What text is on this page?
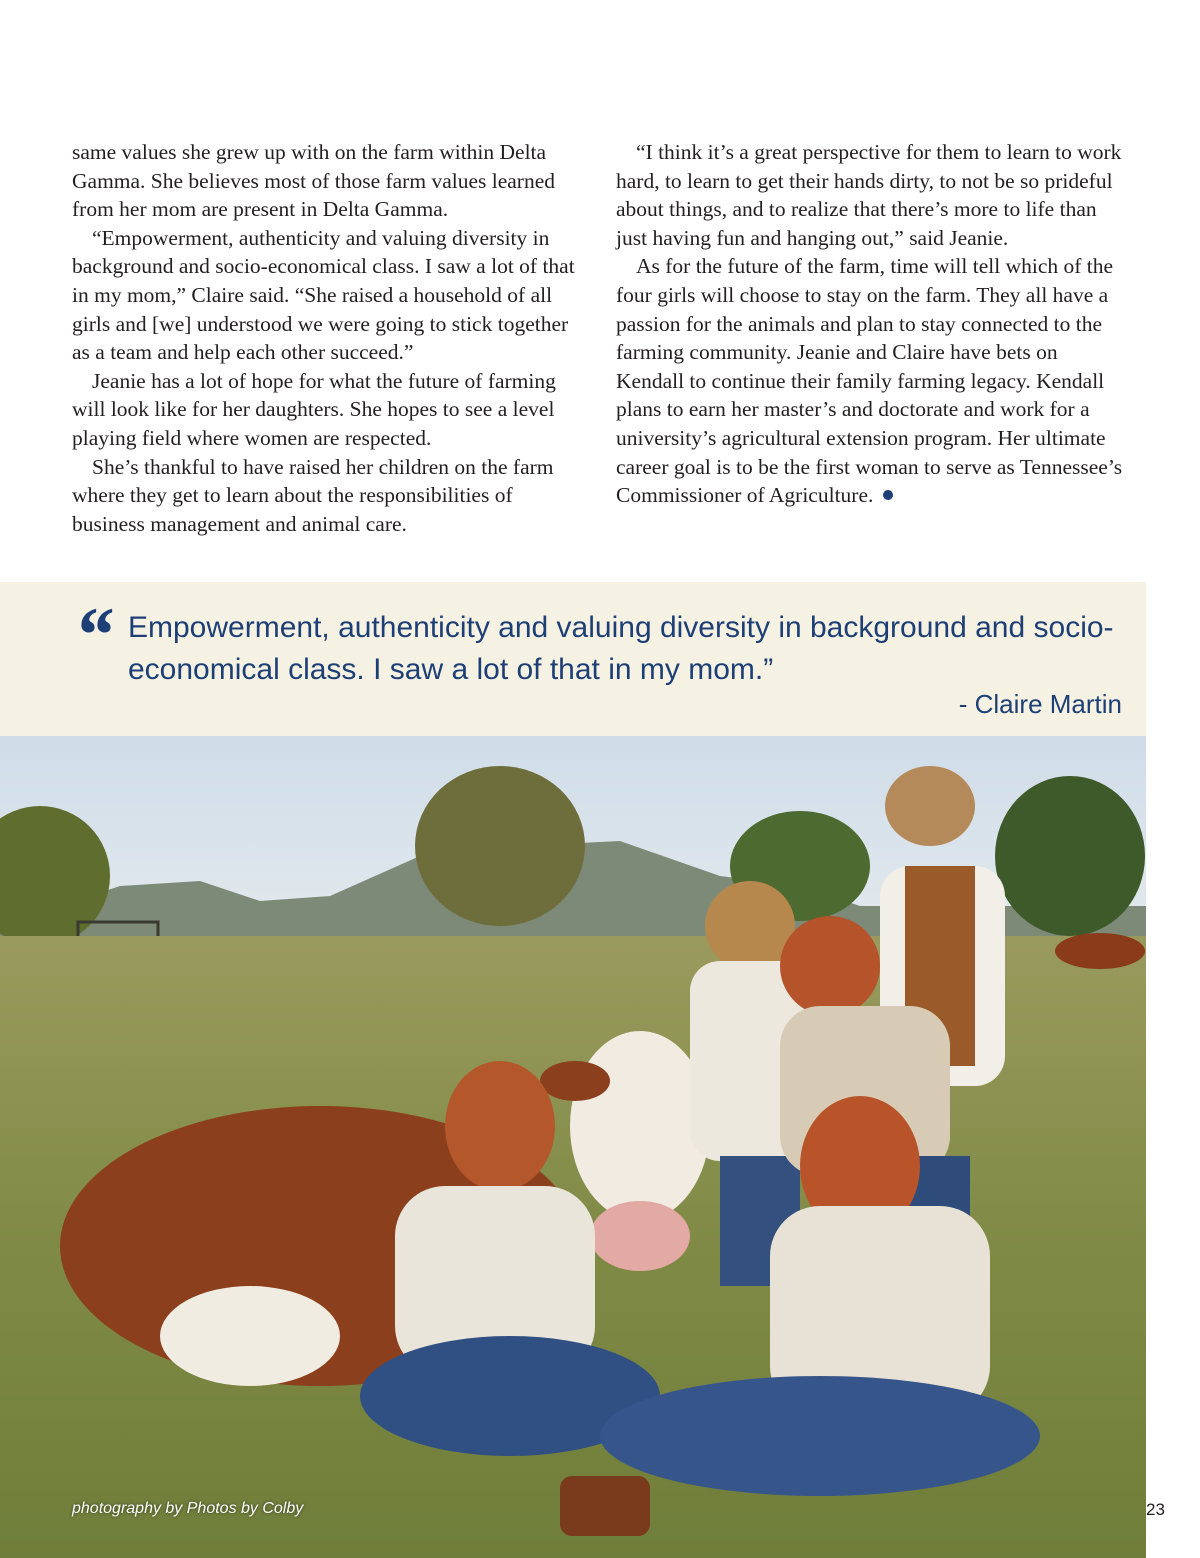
same values she grew up with on the farm within Delta Gamma. She believes most of those farm values learned from her mom are present in Delta Gamma.

“Empowerment, authenticity and valuing diversity in background and socio-economical class. I saw a lot of that in my mom,” Claire said. “She raised a household of all girls and [we] understood we were going to stick together as a team and help each other succeed.”

Jeanie has a lot of hope for what the future of farming will look like for her daughters. She hopes to see a level playing field where women are respected.

She’s thankful to have raised her children on the farm where they get to learn about the responsibilities of business management and animal care.

“I think it’s a great perspective for them to learn to work hard, to learn to get their hands dirty, to not be so prideful about things, and to realize that there’s more to life than just having fun and hanging out,” said Jeanie.

As for the future of the farm, time will tell which of the four girls will choose to stay on the farm. They all have a passion for the animals and plan to stay connected to the farming community. Jeanie and Claire have bets on Kendall to continue their family farming legacy. Kendall plans to earn her master’s and doctorate and work for a university’s agricultural extension program. Her ultimate career goal is to be the first woman to serve as Tennessee’s Commissioner of Agriculture.

“ Empowerment, authenticity and valuing diversity in background and socio-economical class. I saw a lot of that in my mom.”

- Claire Martin

photography by Photos by Colby	23
